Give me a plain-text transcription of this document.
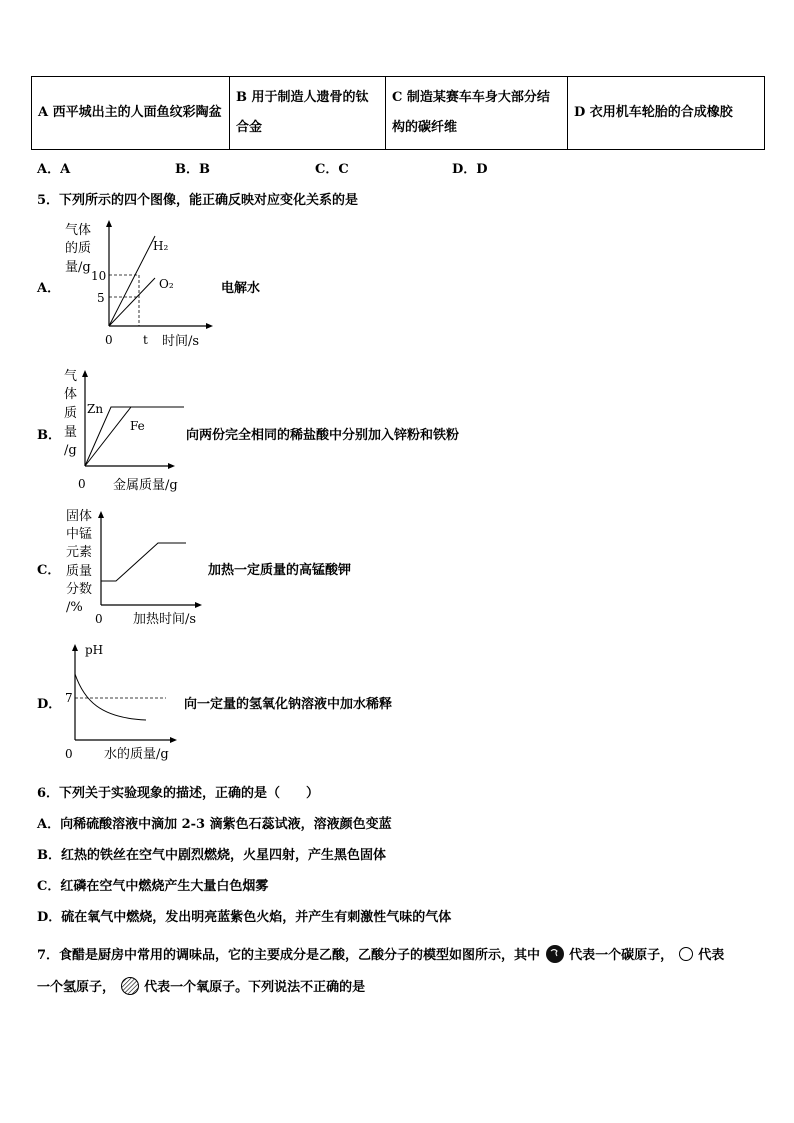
A 西平城出主的人面鱼纹彩陶盆	B 用于制造人遗骨的钛合金	C 制造某赛车车身大部分结构的碳纤维	D 衣用机车轮胎的合成橡胶
A．A	B．B	C．C	D．D
5．下列所示的四个图像，能正确反映对应变化关系的是
A．
气体
的质
量/g
10
5
H₂
O₂
0	t 时间/s
电解水
B．
气
体
质
量
/g
Zn
Fe
0 金属质量/g
向两份完全相同的稀盐酸中分别加入锌粉和铁粉
C．
固体
中锰
元素
质量
分数
/%
0 加热时间/s
加热一定质量的高锰酸钾
D．
pH
7
0 水的质量/g
向一定量的氢氧化钠溶液中加水稀释
6．下列关于实验现象的描述，正确的是（　　）
A．向稀硫酸溶液中滴加 2-3 滴紫色石蕊试液，溶液颜色变蓝
B．红热的铁丝在空气中剧烈燃烧，火星四射，产生黑色固体
C．红磷在空气中燃烧产生大量白色烟雾
D．硫在氧气中燃烧，发出明亮蓝紫色火焰，并产生有刺激性气味的气体
7．食醋是厨房中常用的调味品，它的主要成分是乙酸，乙酸分子的模型如图所示，其中 代表一个碳原子， 代表
一个氢原子， 代表一个氧原子。下列说法不正确的是
